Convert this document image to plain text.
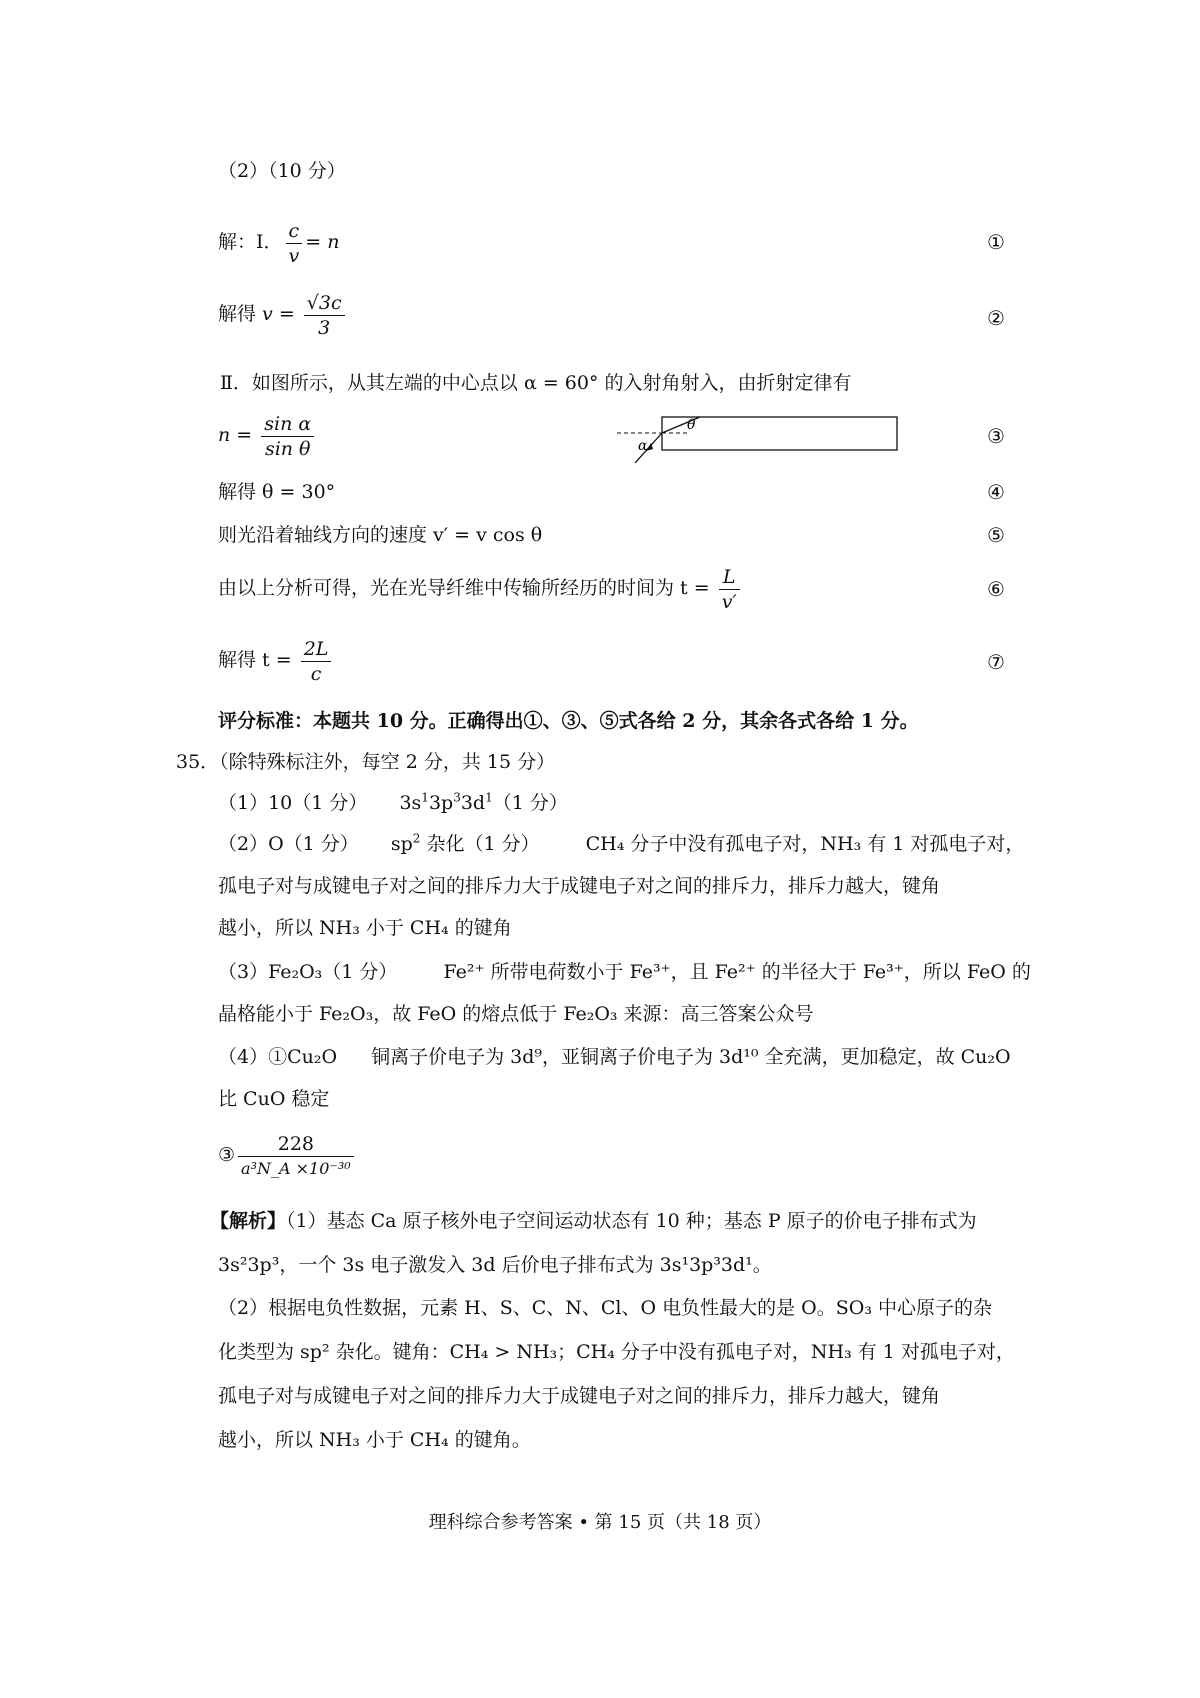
（2）（10 分）
解：Ⅰ． $\frac{c}{v} = n$	①
解得 $v = \frac{√3c}{3}$	②
Ⅱ．如图所示，从其左端的中心点以 α = 60° 的入射角射入，由折射定律有
$n = \frac{\text{sin α}}{\text{sin θ}}$	③
α
θ
解得 θ = 30°	④
则光沿着轴线方向的速度 v′ = v cos θ	⑤
由以上分析可得，光在光导纤维中传输所经历的时间为 $t = \frac{L}{v'}$	⑥
解得 $t = \frac{2L}{c}$	⑦
评分标准：本题共 10 分。正确得出①、③、⑤式各给 2 分，其余各式各给 1 分。
35．（除特殊标注外，每空 2 分，共 15 分）
（1）10（1 分） $3s^13p^33d^1(1$ 分）
（2）O（1 分） $sp^2$ 杂化（1 分） CH₄ 分子中没有孤电子对，NH₃ 有 1 对孤电子对，
孤电子对与成键电子对之间的排斥力大于成键电子对之间的排斥力，排斥力越大，键角
越小，所以 NH₃ 小于 CH₄ 的键角
（3）Fe₂O₃（1 分） Fe²⁺ 所带电荷数小于 Fe³⁺，且 Fe²⁺ 的半径大于 Fe³⁺，所以 FeO 的
晶格能小于 Fe₂O₃，故 FeO 的熔点低于 Fe₂O₃ 来源：高三答案公众号
（4）①Cu₂O 铜离子价电子为 3d⁹，亚铜离子价电子为 3d¹⁰ 全充满，更加稳定，故 Cu₂O
比 CuO 稳定
③ $\frac{228}{\text{a³N\_A ×10⁻³⁰}}$
【解析】（1）基态 Ca 原子核外电子空间运动状态有 10 种；基态 P 原子的价电子排布式为
3s²3p³，一个 3s 电子激发入 3d 后价电子排布式为 3s¹3p³3d¹。
（2）根据电负性数据，元素 H、S、C、N、Cl、O 电负性最大的是 O。SO₃ 中心原子的杂
化类型为 sp² 杂化。键角：CH₄ > NH₃；CH₄ 分子中没有孤电子对，NH₃ 有 1 对孤电子对，
孤电子对与成键电子对之间的排斥力大于成键电子对之间的排斥力，排斥力越大，键角
越小，所以 NH₃ 小于 CH₄ 的键角。
理科综合参考答案 • 第 15 页（共 18 页）
